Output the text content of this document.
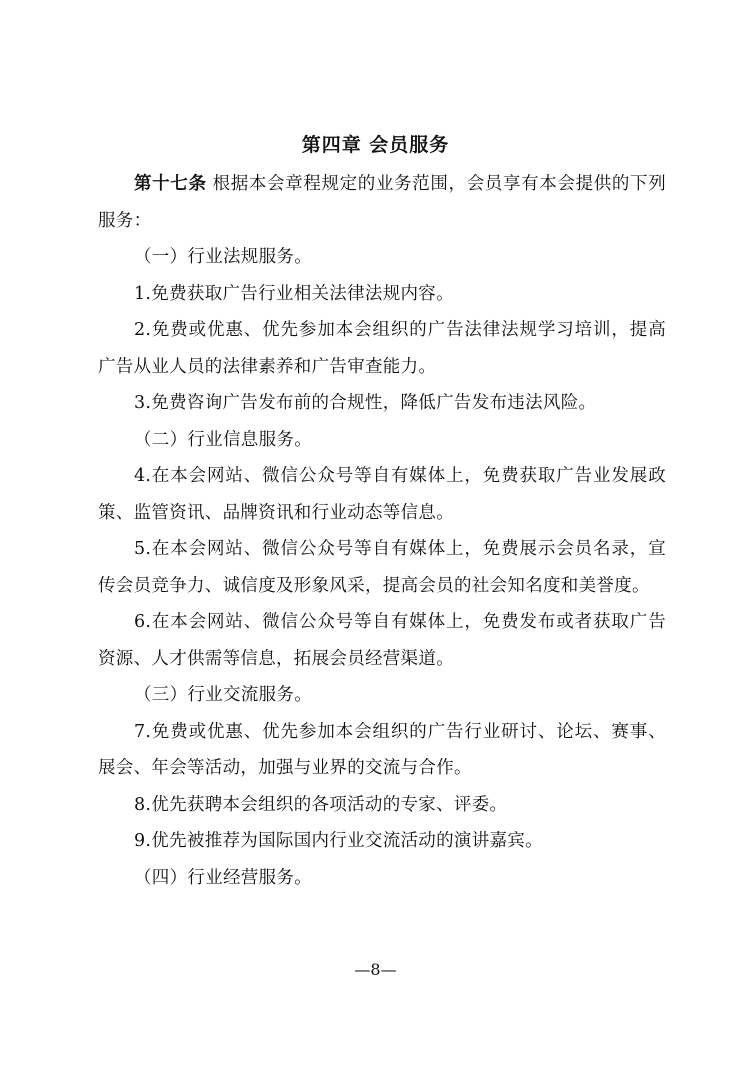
第四章 会员服务

第十七条 根据本会章程规定的业务范围，会员享有本会提供的下列服务：

（一）行业法规服务。

1.免费获取广告行业相关法律法规内容。

2.免费或优惠、优先参加本会组织的广告法律法规学习培训，提高广告从业人员的法律素养和广告审查能力。

3.免费咨询广告发布前的合规性，降低广告发布违法风险。

（二）行业信息服务。

4.在本会网站、微信公众号等自有媒体上，免费获取广告业发展政策、监管资讯、品牌资讯和行业动态等信息。

5.在本会网站、微信公众号等自有媒体上，免费展示会员名录，宣传会员竞争力、诚信度及形象风采，提高会员的社会知名度和美誉度。

6.在本会网站、微信公众号等自有媒体上，免费发布或者获取广告资源、人才供需等信息，拓展会员经营渠道。

（三）行业交流服务。

7.免费或优惠、优先参加本会组织的广告行业研讨、论坛、赛事、展会、年会等活动，加强与业界的交流与合作。

8.优先获聘本会组织的各项活动的专家、评委。

9.优先被推荐为国际国内行业交流活动的演讲嘉宾。

（四）行业经营服务。

—8—
